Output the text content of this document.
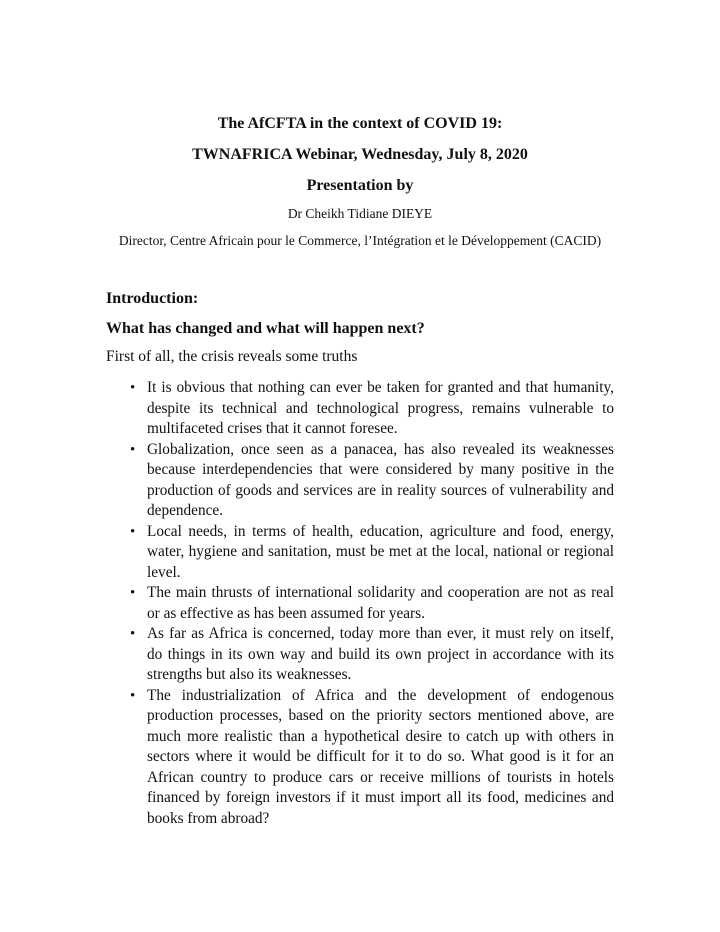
The AfCFTA in the context of COVID 19:
TWNAFRICA Webinar, Wednesday, July 8, 2020
Presentation by
Dr Cheikh Tidiane DIEYE
Director, Centre Africain pour le Commerce, l’Intégration et le Développement (CACID)
Introduction:
What has changed and what will happen next?
First of all, the crisis reveals some truths
• It is obvious that nothing can ever be taken for granted and that humanity, despite its technical and technological progress, remains vulnerable to multifaceted crises that it cannot foresee.
• Globalization, once seen as a panacea, has also revealed its weaknesses because interdependencies that were considered by many positive in the production of goods and services are in reality sources of vulnerability and dependence.
• Local needs, in terms of health, education, agriculture and food, energy, water, hygiene and sanitation, must be met at the local, national or regional level.
• The main thrusts of international solidarity and cooperation are not as real or as effective as has been assumed for years.
• As far as Africa is concerned, today more than ever, it must rely on itself, do things in its own way and build its own project in accordance with its strengths but also its weaknesses.
• The industrialization of Africa and the development of endogenous production processes, based on the priority sectors mentioned above, are much more realistic than a hypothetical desire to catch up with others in sectors where it would be difficult for it to do so. What good is it for an African country to produce cars or receive millions of tourists in hotels financed by foreign investors if it must import all its food, medicines and books from abroad?
